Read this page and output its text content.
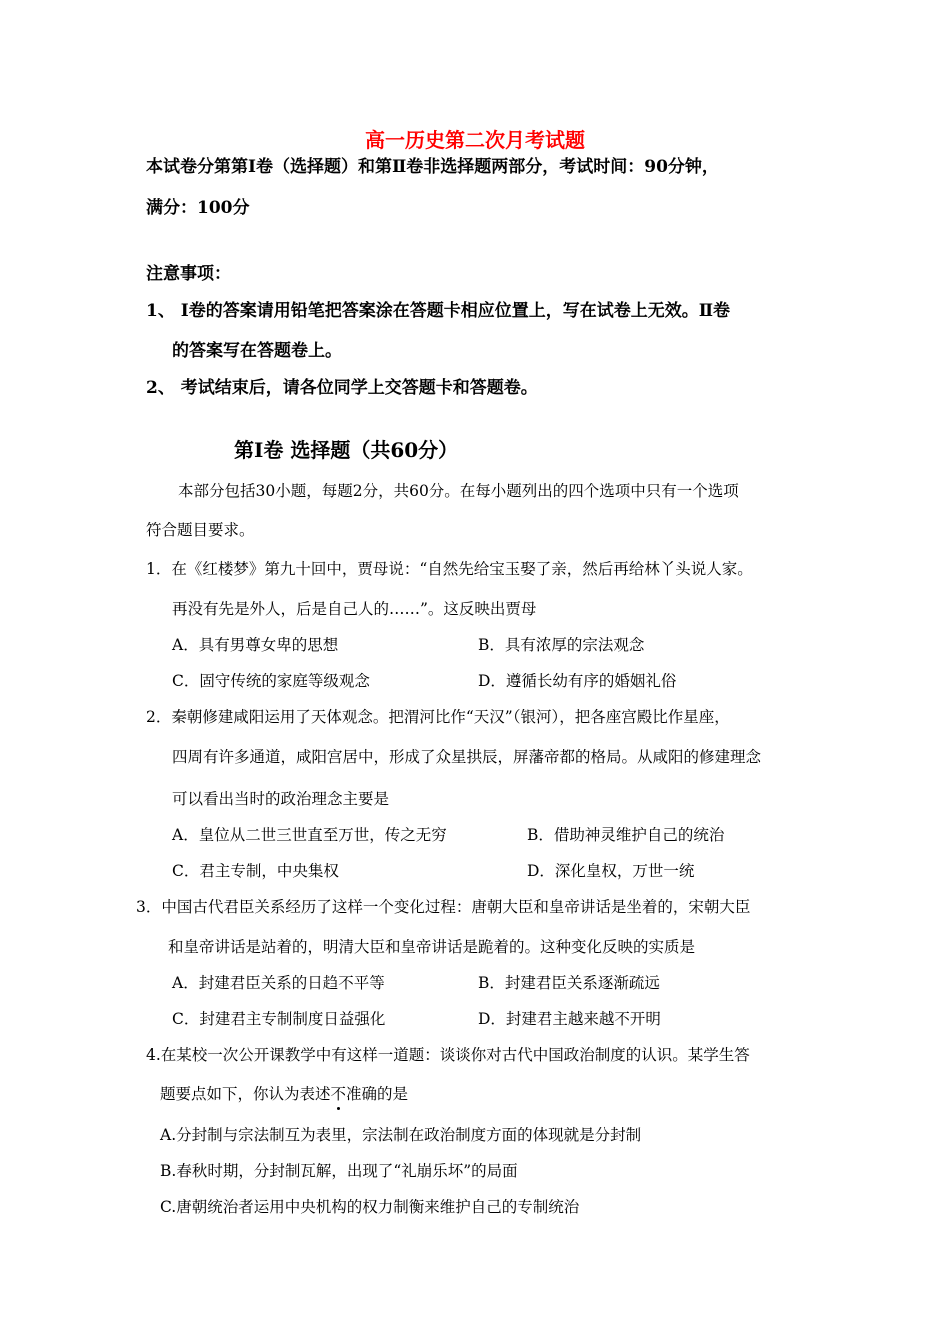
高一历史第二次月考试题
本试卷分第第Ⅰ卷（选择题）和第Ⅱ卷非选择题两部分，考试时间：90分钟，
满分：100分
注意事项：
1、 Ⅰ卷的答案请用铅笔把答案涂在答题卡相应位置上，写在试卷上无效。Ⅱ卷
的答案写在答题卷上。
2、 考试结束后，请各位同学上交答题卡和答题卷。
第Ⅰ卷 选择题（共60分）
本部分包括30小题，每题2分，共60分。在每小题列出的四个选项中只有一个选项
符合题目要求。
1．在《红楼梦》第九十回中，贾母说：“自然先给宝玉娶了亲，然后再给林丫头说人家。
再没有先是外人，后是自己人的……”。这反映出贾母
A．具有男尊女卑的思想	B．具有浓厚的宗法观念
C．固守传统的家庭等级观念	D．遵循长幼有序的婚姻礼俗
2．秦朝修建咸阳运用了天体观念。把渭河比作“天汉”（银河），把各座宫殿比作星座，
四周有许多通道，咸阳宫居中，形成了众星拱辰，屏藩帝都的格局。从咸阳的修建理念
可以看出当时的政治理念主要是
A．皇位从二世三世直至万世，传之无穷	B．借助神灵维护自己的统治
C．君主专制，中央集权	D．深化皇权，万世一统
3．中国古代君臣关系经历了这样一个变化过程：唐朝大臣和皇帝讲话是坐着的，宋朝大臣
和皇帝讲话是站着的，明清大臣和皇帝讲话是跪着的。这种变化反映的实质是
A．封建君臣关系的日趋不平等	B．封建君臣关系逐渐疏远
C．封建君主专制制度日益强化	D．封建君主越来越不开明
4.在某校一次公开课教学中有这样一道题：谈谈你对古代中国政治制度的认识。某学生答
题要点如下，你认为表述不准确的是
A.分封制与宗法制互为表里，宗法制在政治制度方面的体现就是分封制
B.春秋时期，分封制瓦解，出现了“礼崩乐坏”的局面
C.唐朝统治者运用中央机构的权力制衡来维护自己的专制统治
